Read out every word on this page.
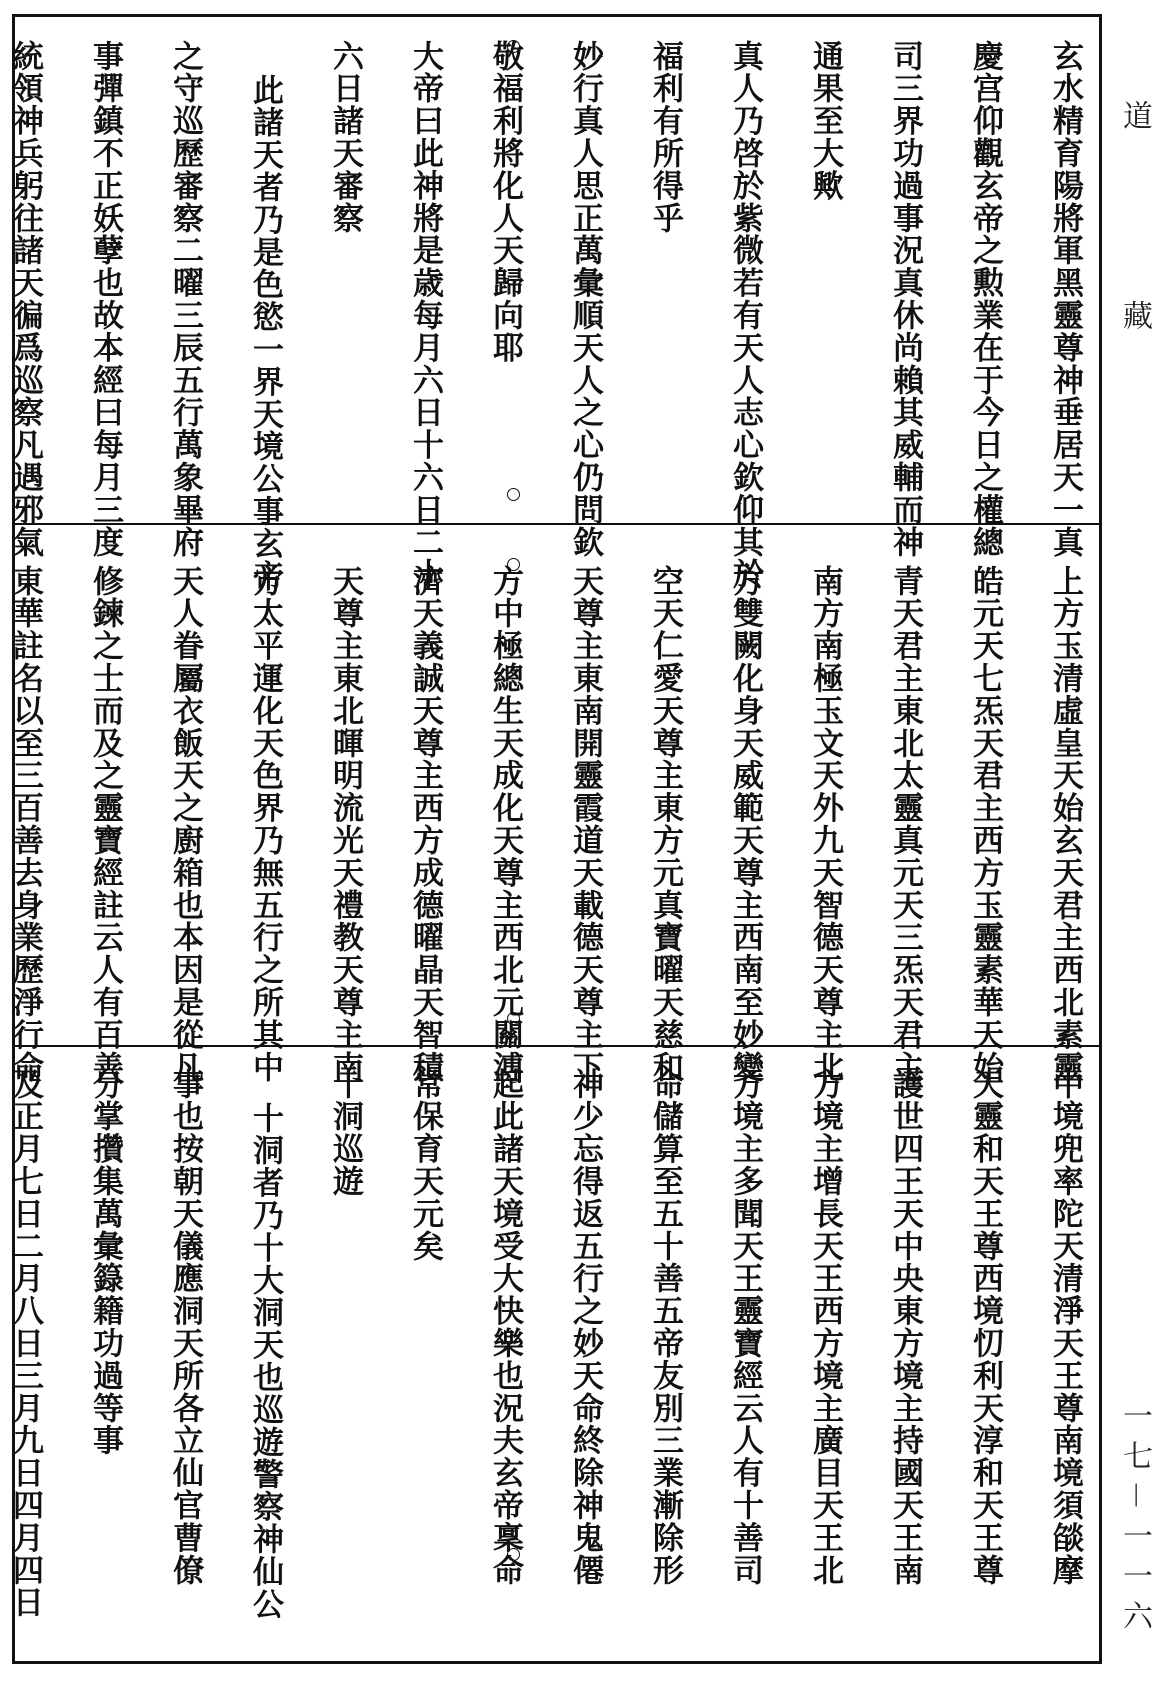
玄水精育陽將軍黑靈尊神垂居天一真
慶宫仰觀玄帝之勲業在于今日之權總
司三界功過事況真休尚賴其威輔而神
通果至大歟
真人乃啓於紫微若有天人志心欽仰其於
福利有所得乎
妙行真人思正萬彙順天人之心仍問欽
敬福利將化人天歸向耶
大帝曰此神將是歳每月六日十六日二十
六日諸天審察
此諸天者乃是色慾一界天境公事玄帝
之守巡歷審察二曜三辰五行萬象畢府
事彈鎮不正妖孽也故本經曰每月三度
統領神兵躬往諸天徧爲巡察凡遇邪氣
上方玉清虛皇天始玄天君主西北素靈
皓元天七炁天君主西方玉靈素華天始
青天君主東北太靈真元天三炁天君主
南方南極玉文天外九天智德天尊主北
方雙闕化身天威範天尊主西南至妙變
空天仁愛天尊主東方元真寶曜天慈和
天尊主東南開靈霞道天載德天尊主下
方中極總生天成化天尊主西北元關溥
濟天義誠天尊主西方成德曜晶天智積
天尊主東北暉明流光天禮教天尊主南
方太平運化天色界乃無五行之所其中
天人眷屬衣飯天之廚箱也本因是從凡
修鍊之士而及之靈寶經註云人有百善
東華註名以至三百善去身業歷淨行命
中境兜率陀天清淨天王尊南境須燄摩
天靈和天王尊西境忉利天淳和天王尊
護世四王天中央東方境主持國天王南
方境主增長天王西方境主廣目天王北
方境主多聞天王靈寶經云人有十善司
命儲算至五十善五帝友別三業漸除形
神少忘得返五行之妙天命終除神鬼僊
起此諸天境受大快樂也況夫玄帝稟命
常保育天元矣
十洞巡遊
十洞者乃十大洞天也巡遊警察神仙公
事也按朝天儀應洞天所各立仙官曹僚
分掌攢集萬彙籙籍功過等事
及正月七日二月八日三月九日四月四日
道
藏
一七－一一六
